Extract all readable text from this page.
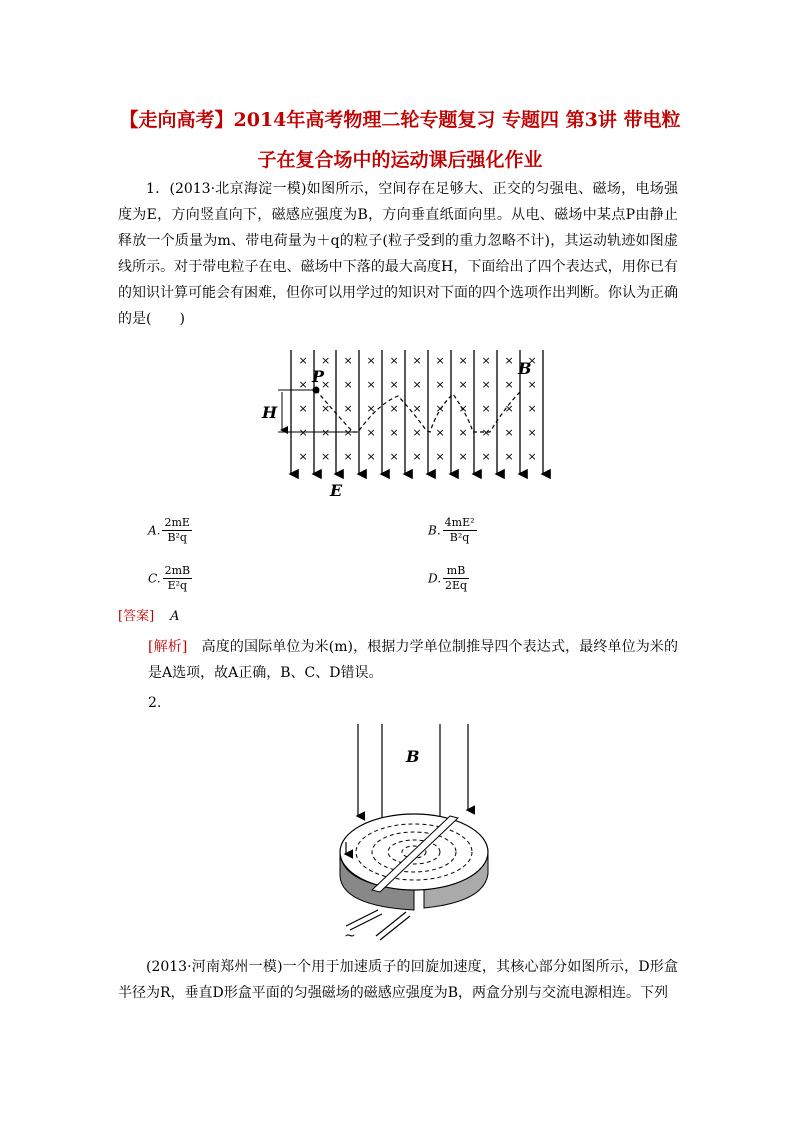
【走向高考】2014年高考物理二轮专题复习 专题四 第3讲 带电粒
子在复合场中的运动课后强化作业
1．(2013·北京海淀一模)如图所示，空间存在足够大、正交的匀强电、磁场，电场强度为E，方向竖直向下，磁感应强度为B，方向垂直纸面向里。从电、磁场中某点P由静止释放一个质量为m、带电荷量为＋q的粒子(粒子受到的重力忽略不计)，其运动轨迹如图虚线所示。对于带电粒子在电、磁场中下落的最大高度H，下面给出了四个表达式，用你已有的知识计算可能会有困难，但你可以用学过的知识对下面的四个选项作出判断。你认为正确的是(　　)
× × × × × × × × × × ×
× × × × × × × × × × ×
× × × × × × × × × × ×
× × × × × × × × × × ×
× × × × × × × × × × ×
P	B
H
E
A. $\frac{2mE}{\text{B²q}}$	B. $\frac{\text{4mE²}}{\text{B²q}}$
C. $\frac{2mB}{\text{E²q}}$	D. $\frac{mB}{2Eq}$
[答案] A
[解析]　高度的国际单位为米(m)，根据力学单位制推导四个表达式，最终单位为米的是A选项，故A正确，B、C、D错误。
2.
B
~
(2013·河南郑州一模)一个用于加速质子的回旋加速度，其核心部分如图所示，D形盒半径为R，垂直D形盒平面的匀强磁场的磁感应强度为B，两盒分别与交流电源相连。下列
